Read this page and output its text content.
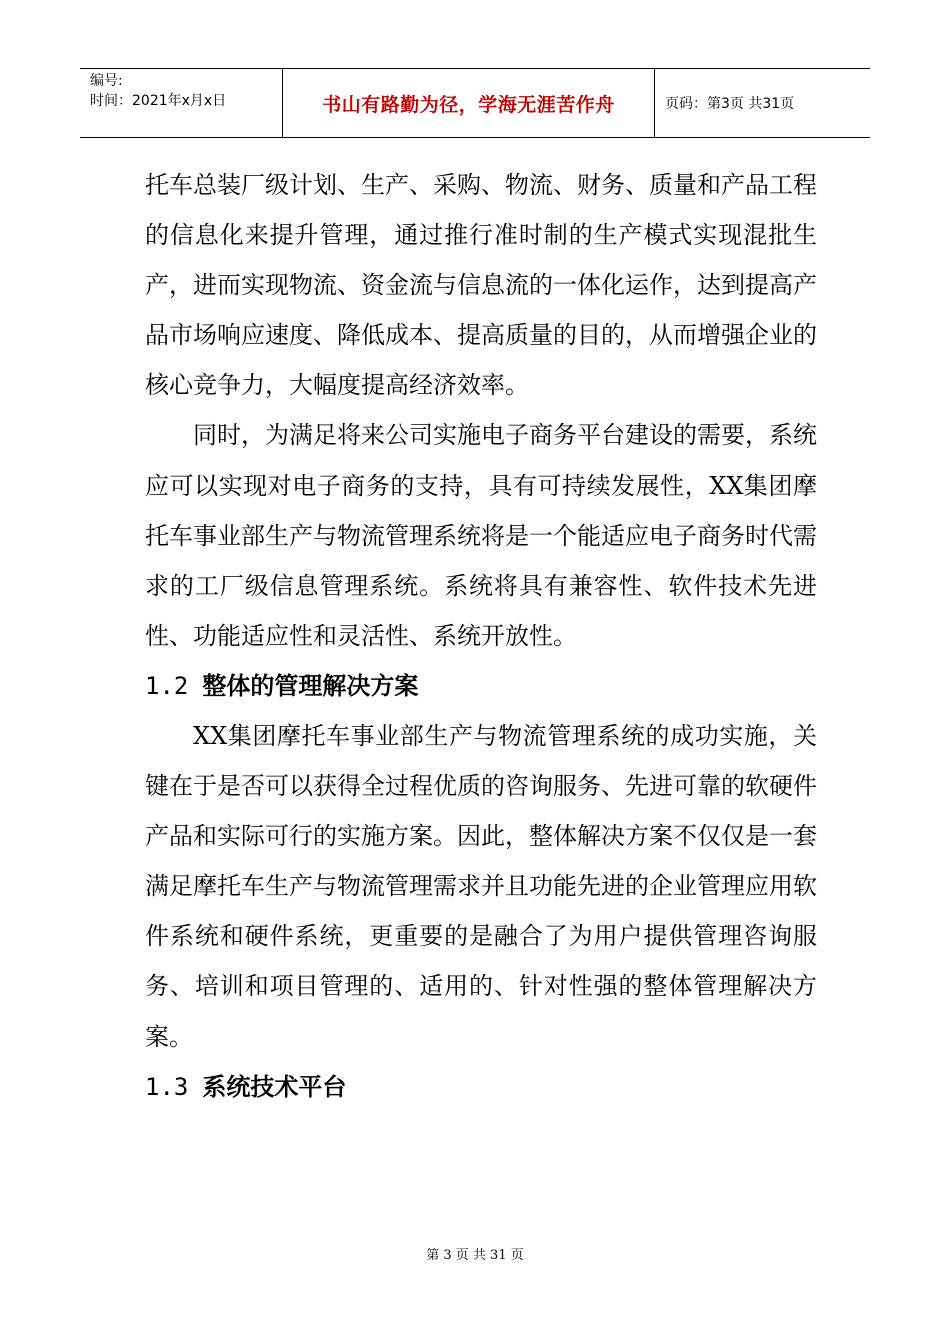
编号:
时间：2021年x月x日	书山有路勤为径，学海无涯苦作舟	页码：第3页 共31页

托车总装厂级计划、生产、采购、物流、财务、质量和产品工程的信息化来提升管理，通过推行准时制的生产模式实现混批生产，进而实现物流、资金流与信息流的一体化运作，达到提高产品市场响应速度、降低成本、提高质量的目的，从而增强企业的核心竞争力，大幅度提高经济效率。

同时，为满足将来公司实施电子商务平台建设的需要，系统应可以实现对电子商务的支持，具有可持续发展性，XX集团摩托车事业部生产与物流管理系统将是一个能适应电子商务时代需求的工厂级信息管理系统。系统将具有兼容性、软件技术先进性、功能适应性和灵活性、系统开放性。

1.2 整体的管理解决方案

XX集团摩托车事业部生产与物流管理系统的成功实施，关键在于是否可以获得全过程优质的咨询服务、先进可靠的软硬件产品和实际可行的实施方案。因此，整体解决方案不仅仅是一套满足摩托车生产与物流管理需求并且功能先进的企业管理应用软件系统和硬件系统，更重要的是融合了为用户提供管理咨询服务、培训和项目管理的、适用的、针对性强的整体管理解决方案。

1.3 系统技术平台

第 3 页 共 31 页
